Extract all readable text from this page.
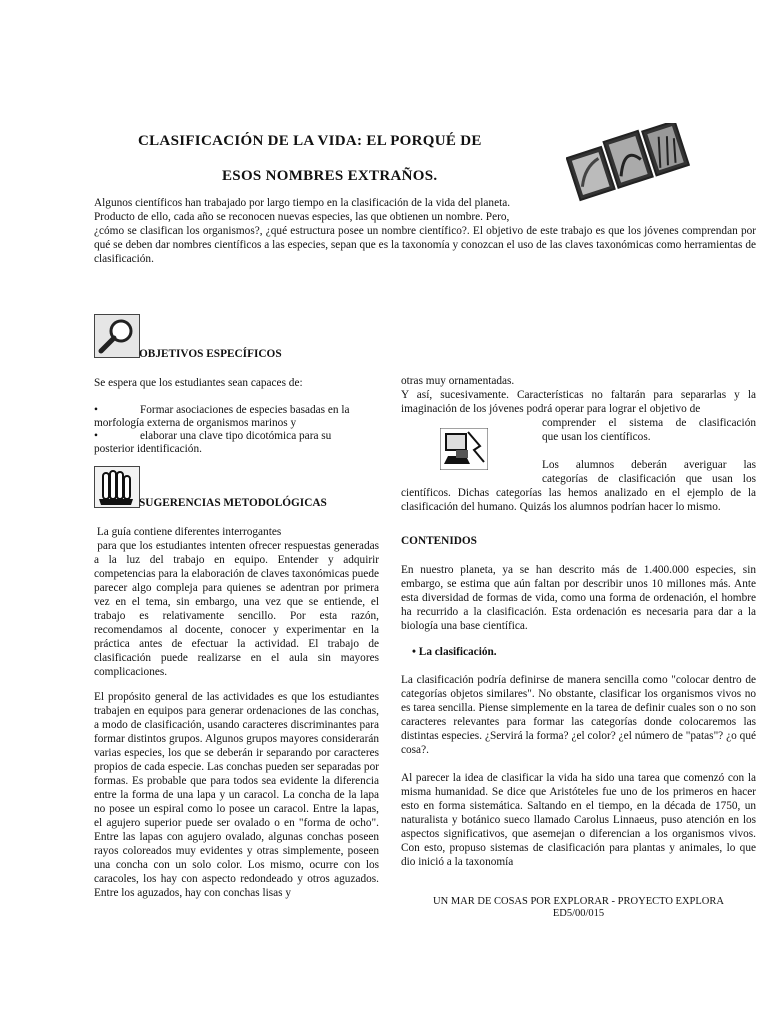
CLASIFICACIÓN DE LA VIDA: EL PORQUÉ DE
ESOS NOMBRES EXTRAÑOS.
Algunos científicos han trabajado por largo tiempo en la clasificación de la vida del planeta.
Producto de ello, cada año se reconocen nuevas especies, las que obtienen un nombre. Pero,
¿cómo se clasifican los organismos?, ¿qué estructura posee un nombre científico?. El objetivo de este trabajo es que los jóvenes comprendan por qué se deben dar nombres científicos a las especies, sepan que es la taxonomía y conozcan el uso de las claves taxonómicas como herramientas de clasificación.
OBJETIVOS ESPECÍFICOS
Se espera que los estudiantes sean capaces de:
•	Formar asociaciones de especies basadas en la
morfología externa de organismos marinos y
•	elaborar una clave tipo dicotómica para su
posterior identificación.
SUGERENCIAS METODOLÓGICAS
La guía contiene diferentes interrogantes
para que los estudiantes intenten ofrecer respuestas generadas a la luz del trabajo en equipo. Entender y adquirir competencias para la elaboración de claves taxonómicas puede parecer algo compleja para quienes se adentran por primera vez en el tema, sin embargo, una vez que se entiende, el trabajo es relativamente sencillo. Por esta razón, recomendamos al docente, conocer y experimentar en la práctica antes de efectuar la actividad. El trabajo de clasificación puede realizarse en el aula sin mayores complicaciones.
El propósito general de las actividades es que los estudiantes trabajen en equipos para generar ordenaciones de las conchas, a modo de clasificación, usando caracteres discriminantes para formar distintos grupos. Algunos grupos mayores considerarán varias especies, los que se deberán ir separando por caracteres propios de cada especie. Las conchas pueden ser separadas por formas. Es probable que para todos sea evidente la diferencia entre la forma de una lapa y un caracol. La concha de la lapa no posee un espiral como lo posee un caracol. Entre la lapas, el agujero superior puede ser ovalado o en "forma de ocho". Entre las lapas con agujero ovalado, algunas conchas poseen rayos coloreados muy evidentes y otras simplemente, poseen una concha con un solo color. Los mismo, ocurre con los caracoles, los hay con aspecto redondeado y otros aguzados. Entre los aguzados, hay con conchas lisas y
otras muy ornamentadas.
Y así, sucesivamente. Características no faltarán para separarlas y la imaginación de los jóvenes podrá operar para lograr el objetivo de
comprender el sistema de clasificación
que usan los científicos.
Los alumnos deberán averiguar las
categorías de clasificación que usan los
científicos. Dichas categorías las hemos analizado en el ejemplo de la clasificación del humano. Quizás los alumnos podrían hacer lo mismo.
CONTENIDOS
En nuestro planeta, ya se han descrito más de 1.400.000 especies, sin embargo, se estima que aún faltan por describir unos 10 millones más. Ante esta diversidad de formas de vida, como una forma de ordenación, el hombre ha recurrido a la clasificación. Esta ordenación es necesaria para dar a la biología una base científica.
• La clasificación.
La clasificación podría definirse de manera sencilla como "colocar dentro de categorías objetos similares". No obstante, clasificar los organismos vivos no es tarea sencilla. Piense simplemente en la tarea de definir cuales son o no son caracteres relevantes para formar las categorías donde colocaremos las distintas especies. ¿Servirá la forma? ¿el color? ¿el número de "patas"? ¿o qué cosa?.
Al parecer la idea de clasificar la vida ha sido una tarea que comenzó con la misma humanidad. Se dice que Aristóteles fue uno de los primeros en hacer esto en forma sistemática. Saltando en el tiempo, en la década de 1750, un naturalista y botánico sueco llamado Carolus Linnaeus, puso atención en los aspectos significativos, que asemejan o diferencian a los organismos vivos. Con esto, propuso sistemas de clasificación para plantas y animales, lo que dio inició a la taxonomía
UN MAR DE COSAS POR EXPLORAR - PROYECTO EXPLORA
ED5/00/015
